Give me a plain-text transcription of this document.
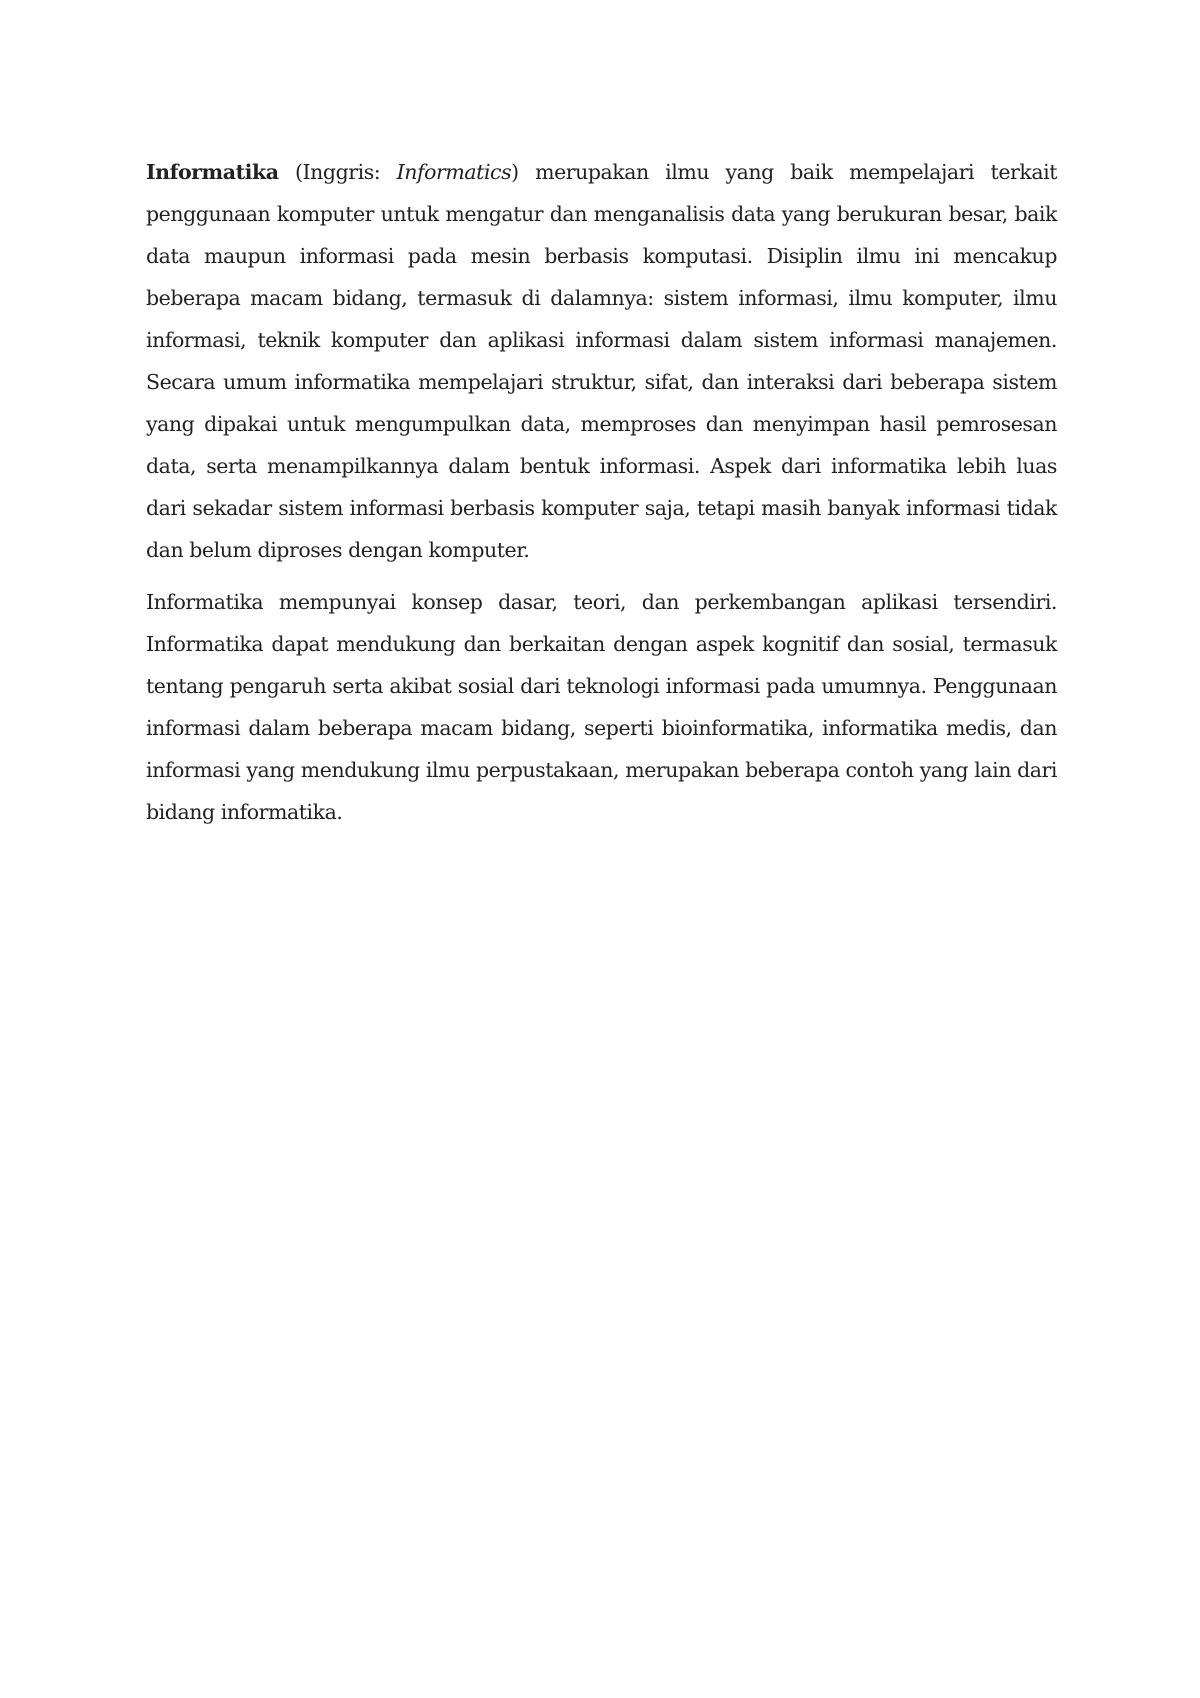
Informatika (Inggris: Informatics) merupakan ilmu yang baik mempelajari terkait penggunaan komputer untuk mengatur dan menganalisis data yang berukuran besar, baik data maupun informasi pada mesin berbasis komputasi. Disiplin ilmu ini mencakup beberapa macam bidang, termasuk di dalamnya: sistem informasi, ilmu komputer, ilmu informasi, teknik komputer dan aplikasi informasi dalam sistem informasi manajemen. Secara umum informatika mempelajari struktur, sifat, dan interaksi dari beberapa sistem yang dipakai untuk mengumpulkan data, memproses dan menyimpan hasil pemrosesan data, serta menampilkannya dalam bentuk informasi. Aspek dari informatika lebih luas dari sekadar sistem informasi berbasis komputer saja, tetapi masih banyak informasi tidak dan belum diproses dengan komputer.

Informatika mempunyai konsep dasar, teori, dan perkembangan aplikasi tersendiri. Informatika dapat mendukung dan berkaitan dengan aspek kognitif dan sosial, termasuk tentang pengaruh serta akibat sosial dari teknologi informasi pada umumnya. Penggunaan informasi dalam beberapa macam bidang, seperti bioinformatika, informatika medis, dan informasi yang mendukung ilmu perpustakaan, merupakan beberapa contoh yang lain dari bidang informatika.
